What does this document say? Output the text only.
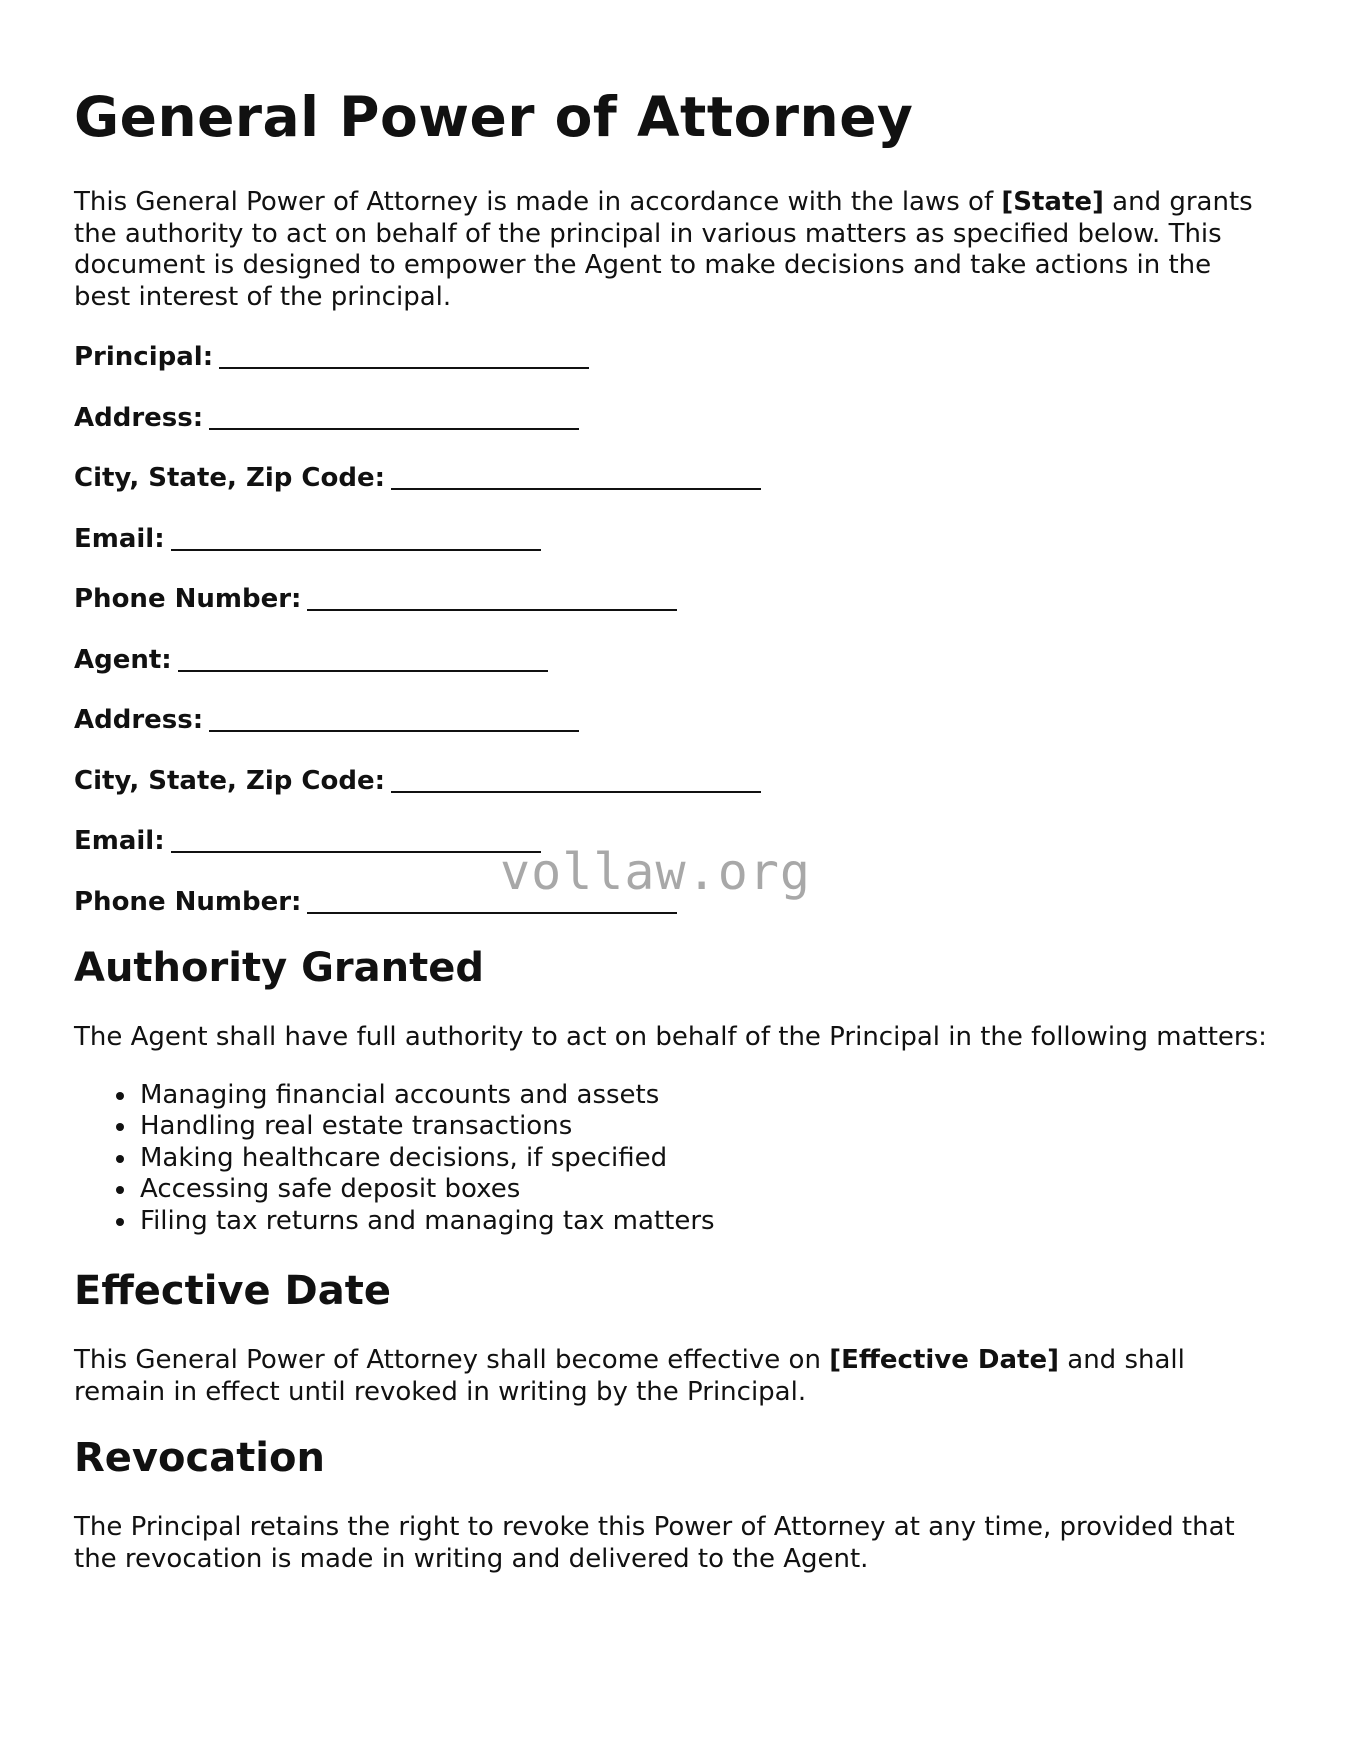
General Power of Attorney

This General Power of Attorney is made in accordance with the laws of [State] and grants the authority to act on behalf of the principal in various matters as specified below. This document is designed to empower the Agent to make decisions and take actions in the best interest of the principal.

Principal:
Address:
City, State, Zip Code:
Email:
Phone Number:
Agent:
Address:
City, State, Zip Code:
Email:
Phone Number:
Authority Granted

The Agent shall have full authority to act on behalf of the Principal in the following matters:

• Managing financial accounts and assets
• Handling real estate transactions
• Making healthcare decisions, if specified
• Accessing safe deposit boxes
• Filing tax returns and managing tax matters
Effective Date

This General Power of Attorney shall become effective on [Effective Date] and shall remain in effect until revoked in writing by the Principal.

Revocation

The Principal retains the right to revoke this Power of Attorney at any time, provided that the revocation is made in writing and delivered to the Agent.

vollaw.org
